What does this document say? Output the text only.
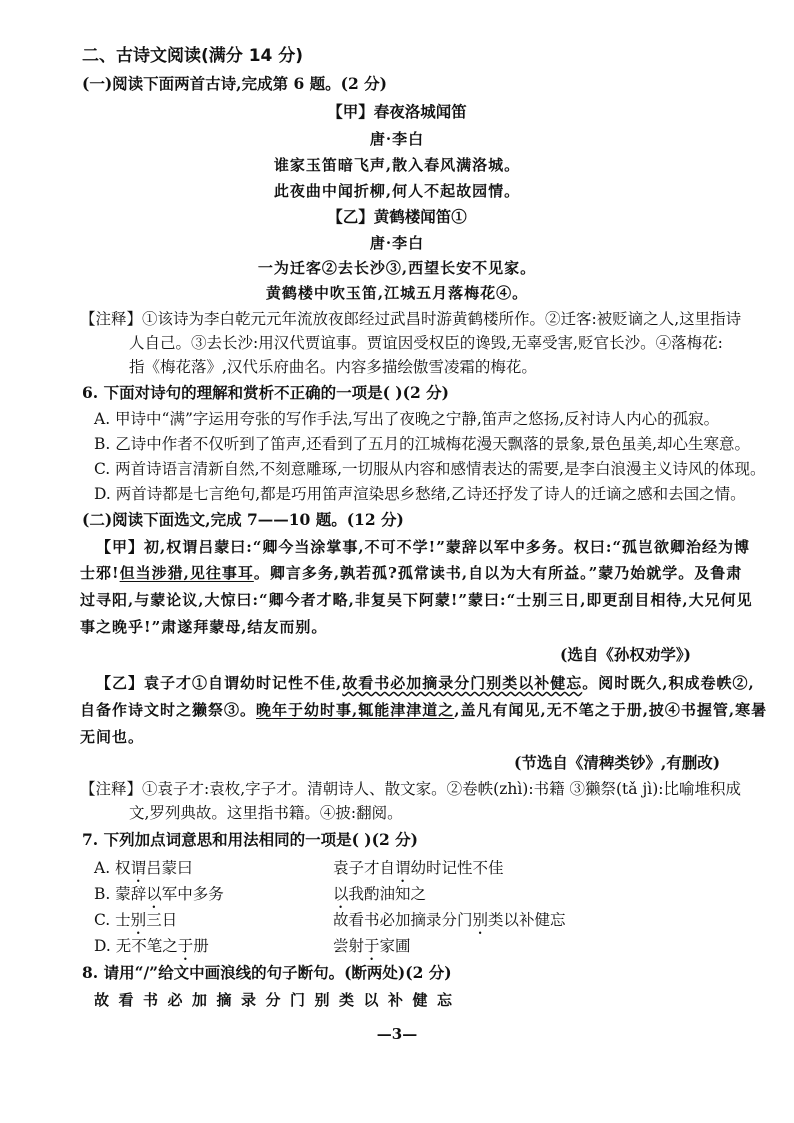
二、古诗文阅读(满分 14 分)
(一)阅读下面两首古诗,完成第 6 题。(2 分)
【甲】春夜洛城闻笛
唐·李白
谁家玉笛暗飞声,散入春风满洛城。
此夜曲中闻折柳,何人不起故园情。
【乙】黄鹤楼闻笛①
唐·李白
一为迁客②去长沙③,西望长安不见家。
黄鹤楼中吹玉笛,江城五月落梅花④。
【注释】①该诗为李白乾元元年流放夜郎经过武昌时游黄鹤楼所作。②迁客:被贬谪之人,这里指诗
人自己。③去长沙:用汉代贾谊事。贾谊因受权臣的谗毁,无辜受害,贬官长沙。④落梅花:
指《梅花落》,汉代乐府曲名。内容多描绘傲雪凌霜的梅花。
6. 下面对诗句的理解和赏析不正确的一项是( )(2 分)
A. 甲诗中“满”字运用夸张的写作手法,写出了夜晚之宁静,笛声之悠扬,反衬诗人内心的孤寂。
B. 乙诗中作者不仅听到了笛声,还看到了五月的江城梅花漫天飘落的景象,景色虽美,却心生寒意。
C. 两首诗语言清新自然,不刻意雕琢,一切服从内容和感情表达的需要,是李白浪漫主义诗风的体现。
D. 两首诗都是七言绝句,都是巧用笛声渲染思乡愁绪,乙诗还抒发了诗人的迁谪之感和去国之情。
(二)阅读下面选文,完成 7——10 题。(12 分)
【甲】初,权谓吕蒙曰:“卿今当涂掌事,不可不学!”蒙辞以军中多务。权曰:“孤岂欲卿治经为博
士邪!但当涉猎,见往事耳。卿言多务,孰若孤?孤常读书,自以为大有所益。”蒙乃始就学。及鲁肃
过寻阳,与蒙论议,大惊曰:“卿今者才略,非复吴下阿蒙!”蒙曰:“士别三日,即更刮目相待,大兄何见
事之晚乎!”肃遂拜蒙母,结友而别。
(选自《孙权劝学》)
【乙】袁子才①自谓幼时记性不佳,故看书必加摘录分门别类以补健忘。阅时既久,积成卷帙②,
自备作诗文时之獭祭③。晚年于幼时事,辄能津津道之,盖凡有闻见,无不笔之于册,披④书握管,寒暑
无间也。
(节选自《清稗类钞》,有删改)
【注释】①袁子才:袁枚,字子才。清朝诗人、散文家。②卷帙(zhì):书籍 ③獭祭(tǎ jì):比喻堆积成
文,罗列典故。这里指书籍。④披:翻阅。
7. 下列加点词意思和用法相同的一项是( )(2 分)
A. 权谓吕蒙曰	袁子才自谓幼时记性不佳
B. 蒙辞以军中多务	以我酌油知之
C. 士别三日	故看书必加摘录分门别类以补健忘
D. 无不笔之于册	尝射于家圃
8. 请用“/”给文中画浪线的句子断句。(断两处)(2 分)
故看书必加摘录分门别类以补健忘
—3—
